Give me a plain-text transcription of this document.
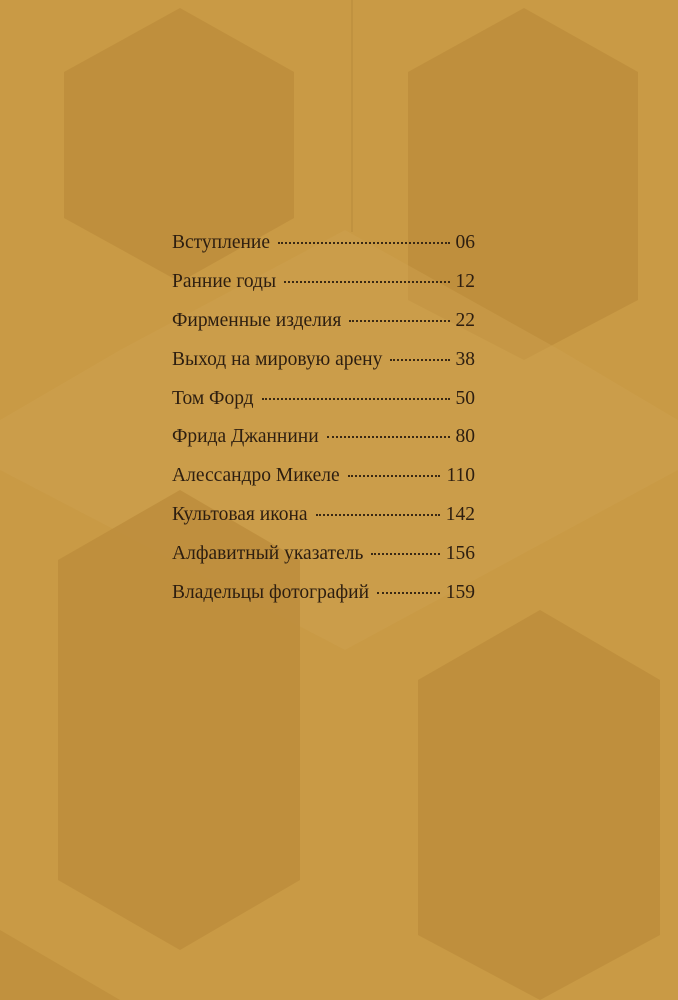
Вступление	06
Ранние годы	12
Фирменные изделия	22
Выход на мировую арену	38
Том Форд	50
Фрида Джаннини	80
Алессандро Микеле	110
Культовая икона	142
Алфавитный указатель	156
Владельцы фотографий	159
